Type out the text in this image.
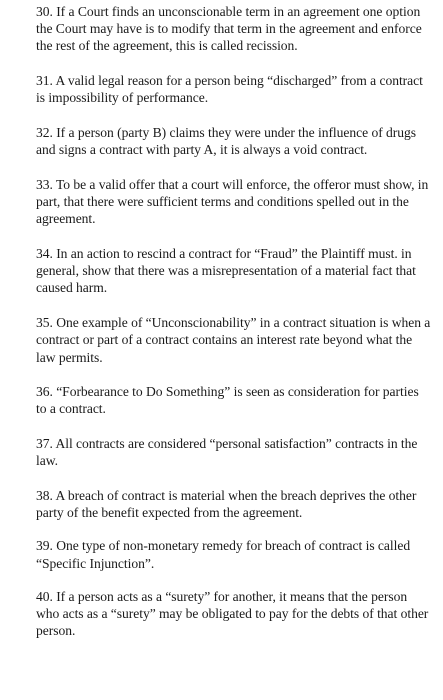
30. If a Court finds an unconscionable term in an agreement one option the Court may have is to modify that term in the agreement and enforce the rest of the agreement, this is called recission.

31. A valid legal reason for a person being “discharged” from a contract is impossibility of performance.

32. If a person (party B) claims they were under the influence of drugs and signs a contract with party A, it is always a void contract.

33. To be a valid offer that a court will enforce, the offeror must show, in part, that there were sufficient terms and conditions spelled out in the agreement.

34. In an action to rescind a contract for “Fraud” the Plaintiff must. in general, show that there was a misrepresentation of a material fact that caused harm.

35. One example of “Unconscionability” in a contract situation is when a contract or part of a contract contains an interest rate beyond what the law permits.

36. “Forbearance to Do Something” is seen as consideration for parties to a contract.

37. All contracts are considered “personal satisfaction” contracts in the law.

38. A breach of contract is material when the breach deprives the other party of the benefit expected from the agreement.

39. One type of non-monetary remedy for breach of contract is called “Specific Injunction”.

40. If a person acts as a “surety” for another, it means that the person who acts as a “surety” may be obligated to pay for the debts of that other person.
